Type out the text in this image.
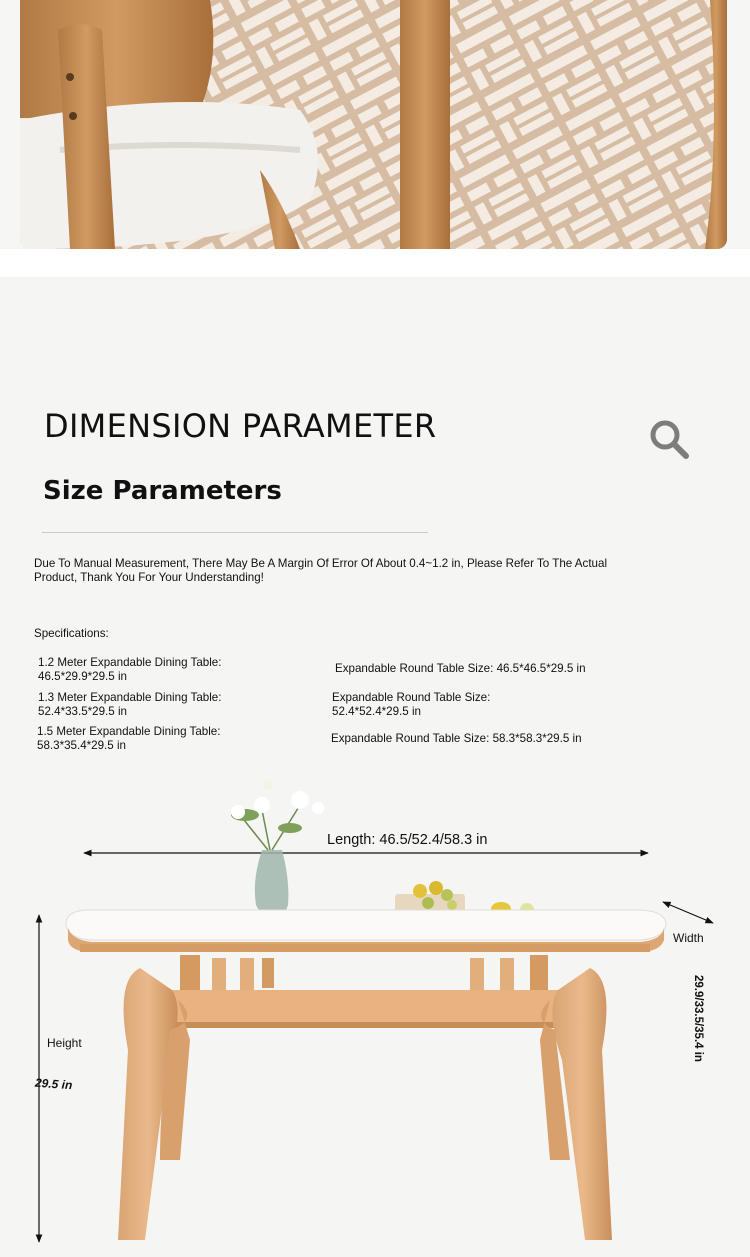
DIMENSION PARAMETER
Size Parameters
Due To Manual Measurement, There May Be A Margin Of Error Of About 0.4~1.2 in, Please Refer To The Actual Product, Thank You For Your Understanding!
Specifications:
1.2 Meter Expandable Dining Table:
46.5*29.9*29.5 in
1.3 Meter Expandable Dining Table:
52.4*33.5*29.5 in
1.5 Meter Expandable Dining Table:
58.3*35.4*29.5 in
Expandable Round Table Size: 46.5*46.5*29.5 in
Expandable Round Table Size:
52.4*52.4*29.5 in
Expandable Round Table Size: 58.3*58.3*29.5 in
Length: 46.5/52.4/58.3 in
Width
29.9/33.5/35.4 in
Height
29.5 in
